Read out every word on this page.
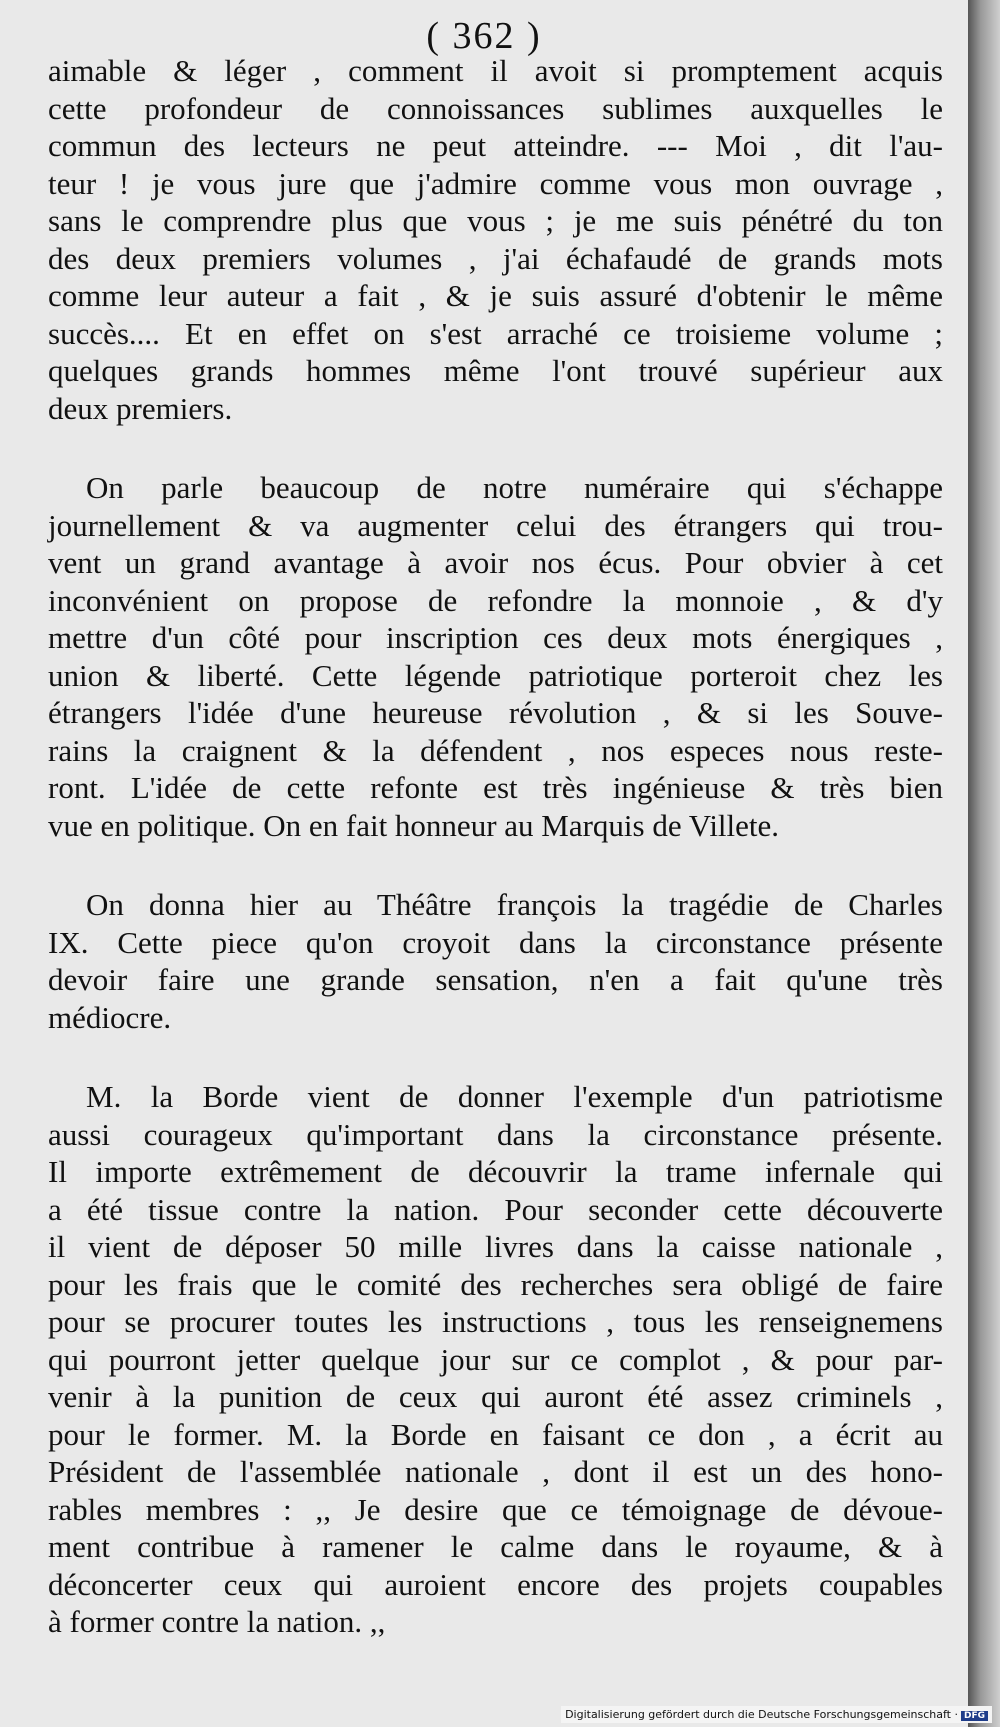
( 362 )
aimable & léger , comment il avoit si promptement acquis
cette profondeur de connoissances sublimes auxquelles le
commun des lecteurs ne peut atteindre. --- Moi , dit l'au-
teur ! je vous jure que j'admire comme vous mon ouvrage ,
sans le comprendre plus que vous ; je me suis pénétré du ton
des deux premiers volumes , j'ai échafaudé de grands mots
comme leur auteur a fait , & je suis assuré d'obtenir le même
succès.... Et en effet on s'est arraché ce troisieme volume ;
quelques grands hommes même l'ont trouvé supérieur aux
deux premiers.
On parle beaucoup de notre numéraire qui s'échappe
journellement & va augmenter celui des étrangers qui trou-
vent un grand avantage à avoir nos écus. Pour obvier à cet
inconvénient on propose de refondre la monnoie , & d'y
mettre d'un côté pour inscription ces deux mots énergiques ,
union & liberté. Cette légende patriotique porteroit chez les
étrangers l'idée d'une heureuse révolution , & si les Souve-
rains la craignent & la défendent , nos especes nous reste-
ront. L'idée de cette refonte est très ingénieuse & très bien
vue en politique. On en fait honneur au Marquis de Villete.
On donna hier au Théâtre françois la tragédie de Charles
IX. Cette piece qu'on croyoit dans la circonstance présente
devoir faire une grande sensation, n'en a fait qu'une très
médiocre.
M. la Borde vient de donner l'exemple d'un patriotisme
aussi courageux qu'important dans la circonstance présente.
Il importe extrêmement de découvrir la trame infernale qui
a été tissue contre la nation. Pour seconder cette découverte
il vient de déposer 50 mille livres dans la caisse nationale ,
pour les frais que le comité des recherches sera obligé de faire
pour se procurer toutes les instructions , tous les renseignemens
qui pourront jetter quelque jour sur ce complot , & pour par-
venir à la punition de ceux qui auront été assez criminels ,
pour le former. M. la Borde en faisant ce don , a écrit au
Président de l'assemblée nationale , dont il est un des hono-
rables membres : ,, Je desire que ce témoignage de dévoue-
ment contribue à ramener le calme dans le royaume, & à
déconcerter ceux qui auroient encore des projets coupables
à former contre la nation. ,,
Digitalisierung gefördert durch die Deutsche Forschungsgemeinschaft · DFG
